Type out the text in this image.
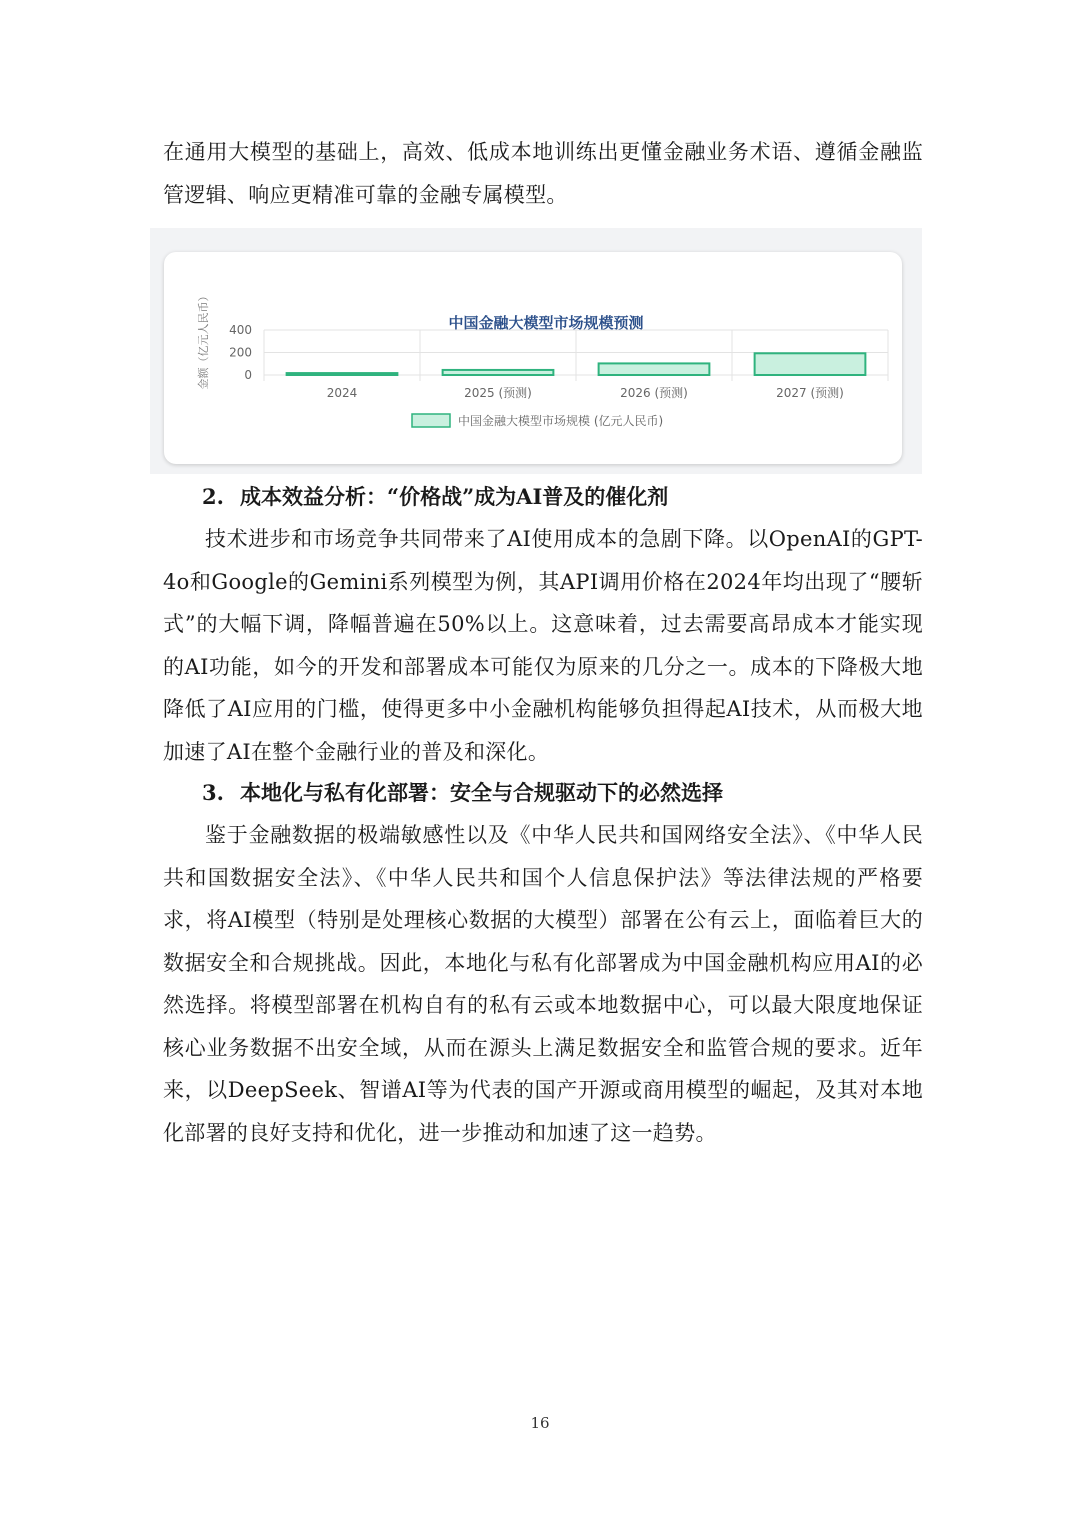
在通用大模型的基础上，高效、低成本地训练出更懂金融业务术语、遵循金融监管逻辑、响应更精准可靠的金融专属模型。
中国金融大模型市场规模预测
金额（亿元人民币）	0
200
400
2024	2025 (预测)	2026 (预测)	2027 (预测)
中国金融大模型市场规模 (亿元人民币)
2. 成本效益分析：“价格战”成为AI普及的催化剂
技术进步和市场竞争共同带来了AI使用成本的急剧下降。以OpenAI的GPT-4o和Google的Gemini系列模型为例，其API调用价格在2024年均出现了“腰斩式”的大幅下调，降幅普遍在50%以上。这意味着，过去需要高昂成本才能实现的AI功能，如今的开发和部署成本可能仅为原来的几分之一。成本的下降极大地降低了AI应用的门槛，使得更多中小金融机构能够负担得起AI技术，从而极大地加速了AI在整个金融行业的普及和深化。
3. 本地化与私有化部署：安全与合规驱动下的必然选择
鉴于金融数据的极端敏感性以及《中华人民共和国网络安全法》、《中华人民共和国数据安全法》、《中华人民共和国个人信息保护法》等法律法规的严格要求，将AI模型（特别是处理核心数据的大模型）部署在公有云上，面临着巨大的数据安全和合规挑战。因此，本地化与私有化部署成为中国金融机构应用AI的必然选择。将模型部署在机构自有的私有云或本地数据中心，可以最大限度地保证核心业务数据不出安全域，从而在源头上满足数据安全和监管合规的要求。近年来，以DeepSeek、智谱AI等为代表的国产开源或商用模型的崛起，及其对本地化部署的良好支持和优化，进一步推动和加速了这一趋势。
16
